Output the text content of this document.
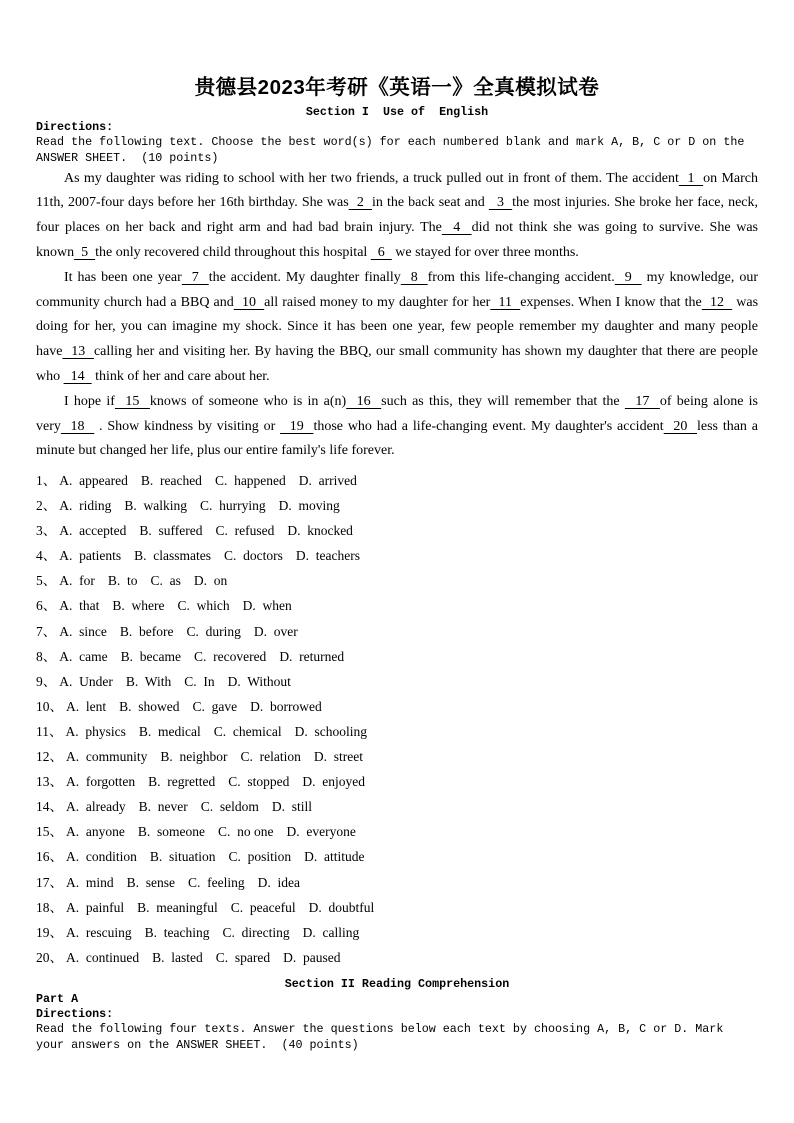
贵德县2023年考研《英语一》全真模拟试卷
Section I  Use of  English
Directions:
Read the following text. Choose the best word(s) for each numbered blank and mark A, B, C or D on the ANSWER SHEET.  (10 points)

As my daughter was riding to school with her two friends, a truck pulled out in front of them. The accident  1  on March 11th, 2007-four days before her 16th birthday. She was  2  in the back seat and   3  the most injuries. She broke her face, neck, four places on her back and right arm and had bad brain injury. The  4  did not think she was going to survive. She was known  5  the only recovered child throughout this hospital   6   we stayed for over three months.

It has been one year  7  the accident. My daughter finally  8  from this life-changing accident.  9   my knowledge, our community church had a BBQ and  10  all raised money to my daughter for her  11  expenses. When I know that the  12   was doing for her, you can imagine my shock. Since it has been one year, few people remember my daughter and many people have  13  calling her and visiting her. By having the BBQ, our small community has shown my daughter that there are people who   14   think of her and care about her.

I hope if  15  knows of someone who is in a(n)  16  such as this, they will remember that the   17  of being alone is very  18   . Show kindness by visiting or   19  those who had a life-changing event. My daughter's accident  20  less than a minute but changed her life, plus our entire family's life forever.

1、 A.  appeared B.  reached C.  happened D.  arrived
2、 A.  riding B.  walking C.  hurrying D.  moving
3、 A.  accepted B.  suffered C.  refused D.  knocked
4、 A.  patients B.  classmates C.  doctors D.  teachers
5、 A.  for B.  to C.  as D.  on
6、 A.  that B.  where C.  which D.  when
7、 A.  since B.  before C.  during D.  over
8、 A.  came B.  became C.  recovered D.  returned
9、 A.  Under B.  With C.  In D.  Without
10、 A.  lent B.  showed C.  gave D.  borrowed
11、 A.  physics B.  medical C.  chemical D.  schooling
12、 A.  community B.  neighbor C.  relation D.  street
13、 A.  forgotten B.  regretted C.  stopped D.  enjoyed
14、 A.  already B.  never C.  seldom D.  still
15、 A.  anyone B.  someone C.  no one D.  everyone
16、 A.  condition B.  situation C.  position D.  attitude
17、 A.  mind B.  sense C.  feeling D.  idea
18、 A.  painful B.  meaningful C.  peaceful D.  doubtful
19、 A.  rescuing B.  teaching C.  directing D.  calling
20、 A.  continued B.  lasted C.  spared D.  paused
Section II Reading Comprehension
Part A
Directions:
Read the following four texts. Answer the questions below each text by choosing A, B, C or D. Mark your answers on the ANSWER SHEET.  (40 points)
